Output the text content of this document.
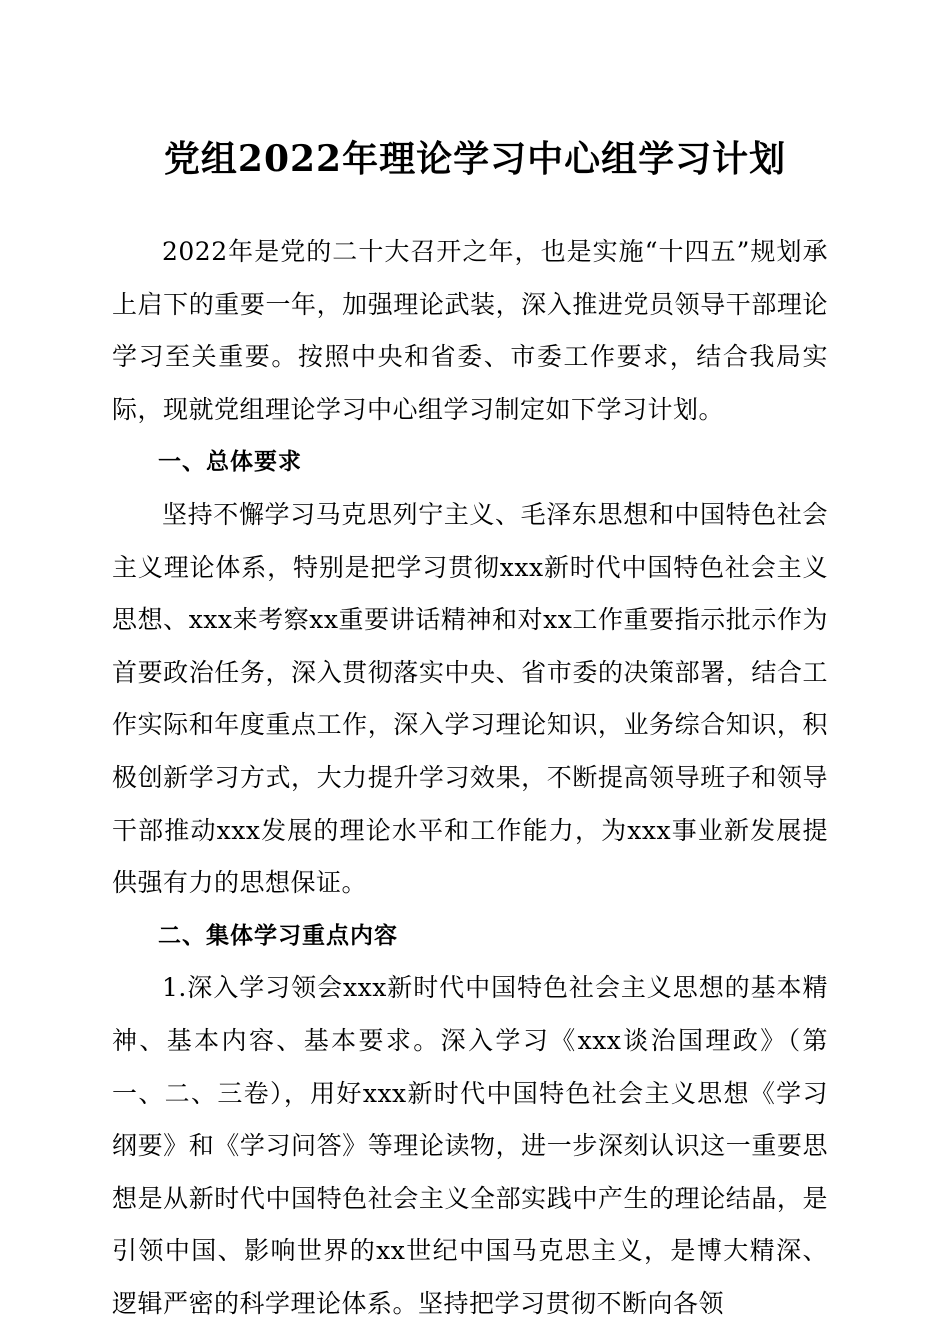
党组2022年理论学习中心组学习计划

2022年是党的二十大召开之年，也是实施“十四五”规划承上启下的重要一年，加强理论武装，深入推进党员领导干部理论学习至关重要。按照中央和省委、市委工作要求，结合我局实际，现就党组理论学习中心组学习制定如下学习计划。

一、总体要求

坚持不懈学习马克思列宁主义、毛泽东思想和中国特色社会主义理论体系，特别是把学习贯彻xxx新时代中国特色社会主义思想、xxx来考察xx重要讲话精神和对xx工作重要指示批示作为首要政治任务，深入贯彻落实中央、省市委的决策部署，结合工作实际和年度重点工作，深入学习理论知识，业务综合知识，积极创新学习方式，大力提升学习效果，不断提高领导班子和领导干部推动xxx发展的理论水平和工作能力，为xxx事业新发展提供强有力的思想保证。

二、集体学习重点内容

1.深入学习领会xxx新时代中国特色社会主义思想的基本精神、基本内容、基本要求。深入学习《xxx谈治国理政》（第一、二、三卷），用好xxx新时代中国特色社会主义思想《学习纲要》和《学习问答》等理论读物，进一步深刻认识这一重要思想是从新时代中国特色社会主义全部实践中产生的理论结晶，是引领中国、影响世界的xx世纪中国马克思主义，是博大精深、逻辑严密的科学理论体系。坚持把学习贯彻不断向各领
